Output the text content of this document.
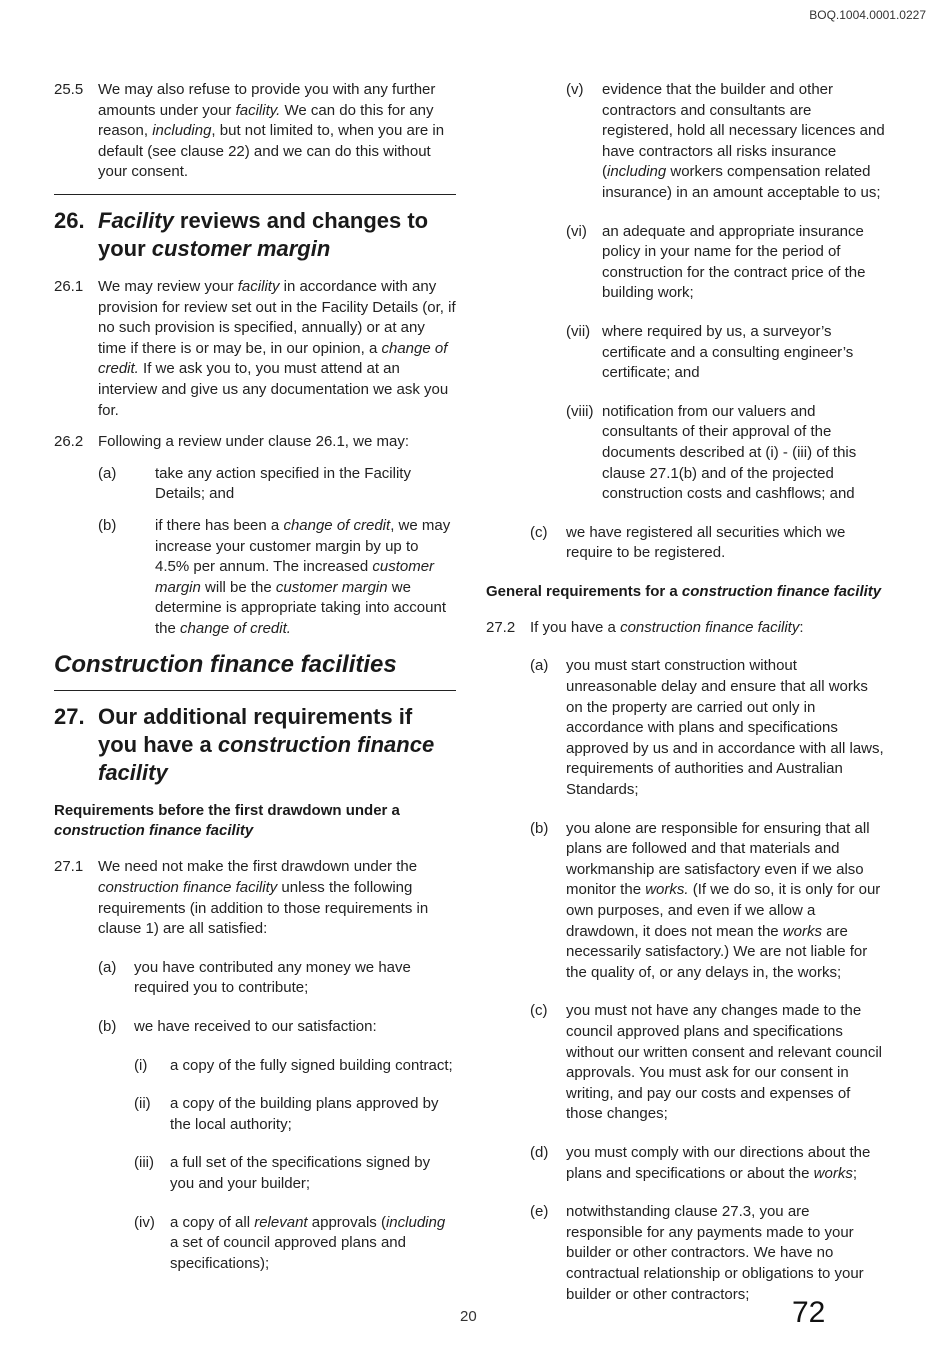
BOQ.1004.0001.0227
25.5 We may also refuse to provide you with any further amounts under your facility. We can do this for any reason, including, but not limited to, when you are in default (see clause 22) and we can do this without your consent.
26. Facility reviews and changes to your customer margin
26.1 We may review your facility in accordance with any provision for review set out in the Facility Details (or, if no such provision is specified, annually) or at any time if there is or may be, in our opinion, a change of credit. If we ask you to, you must attend at an interview and give us any documentation we ask you for.
26.2 Following a review under clause 26.1, we may:
(a)	take any action specified in the Facility Details; and
(b)	if there has been a change of credit, we may increase your customer margin by up to 4.5% per annum. The increased customer margin will be the customer margin we determine is appropriate taking into account the change of credit.
Construction finance facilities
27. Our additional requirements if you have a construction finance facility
Requirements before the first drawdown under a construction finance facility
27.1 We need not make the first drawdown under the construction finance facility unless the following requirements (in addition to those requirements in clause 1) are all satisfied:
(a)	you have contributed any money we have required you to contribute;
(b)	we have received to our satisfaction:
(i)	a copy of the fully signed building contract;
(ii)	a copy of the building plans approved by the local authority;
(iii)	a full set of the specifications signed by you and your builder;
(iv)	a copy of all relevant approvals (including a set of council approved plans and specifications);
(v)	evidence that the builder and other contractors and consultants are registered, hold all necessary licences and have contractors all risks insurance (including workers compensation related insurance) in an amount acceptable to us;
(vi)	an adequate and appropriate insurance policy in your name for the period of construction for the contract price of the building work;
(vii) where required by us, a surveyor’s certificate and a consulting engineer’s certificate; and
(viii) notification from our valuers and consultants of their approval of the documents described at (i) - (iii) of this clause 27.1(b) and of the projected construction costs and cashflows; and
(c)	we have registered all securities which we require to be registered.
General requirements for a construction finance facility
27.2 If you have a construction finance facility:
(a)	you must start construction without unreasonable delay and ensure that all works on the property are carried out only in accordance with plans and specifications approved by us and in accordance with all laws, requirements of authorities and Australian Standards;
(b)	you alone are responsible for ensuring that all plans are followed and that materials and workmanship are satisfactory even if we also monitor the works. (If we do so, it is only for our own purposes, and even if we allow a drawdown, it does not mean the works are necessarily satisfactory.) We are not liable for the quality of, or any delays in, the works;
(c)	you must not have any changes made to the council approved plans and specifications without our written consent and relevant council approvals. You must ask for our consent in writing, and pay our costs and expenses of those changes;
(d)	you must comply with our directions about the plans and specifications or about the works;
(e)	notwithstanding clause 27.3, you are responsible for any payments made to your builder or other contractors. We have no contractual relationship or obligations to your builder or other contractors;
20	72
